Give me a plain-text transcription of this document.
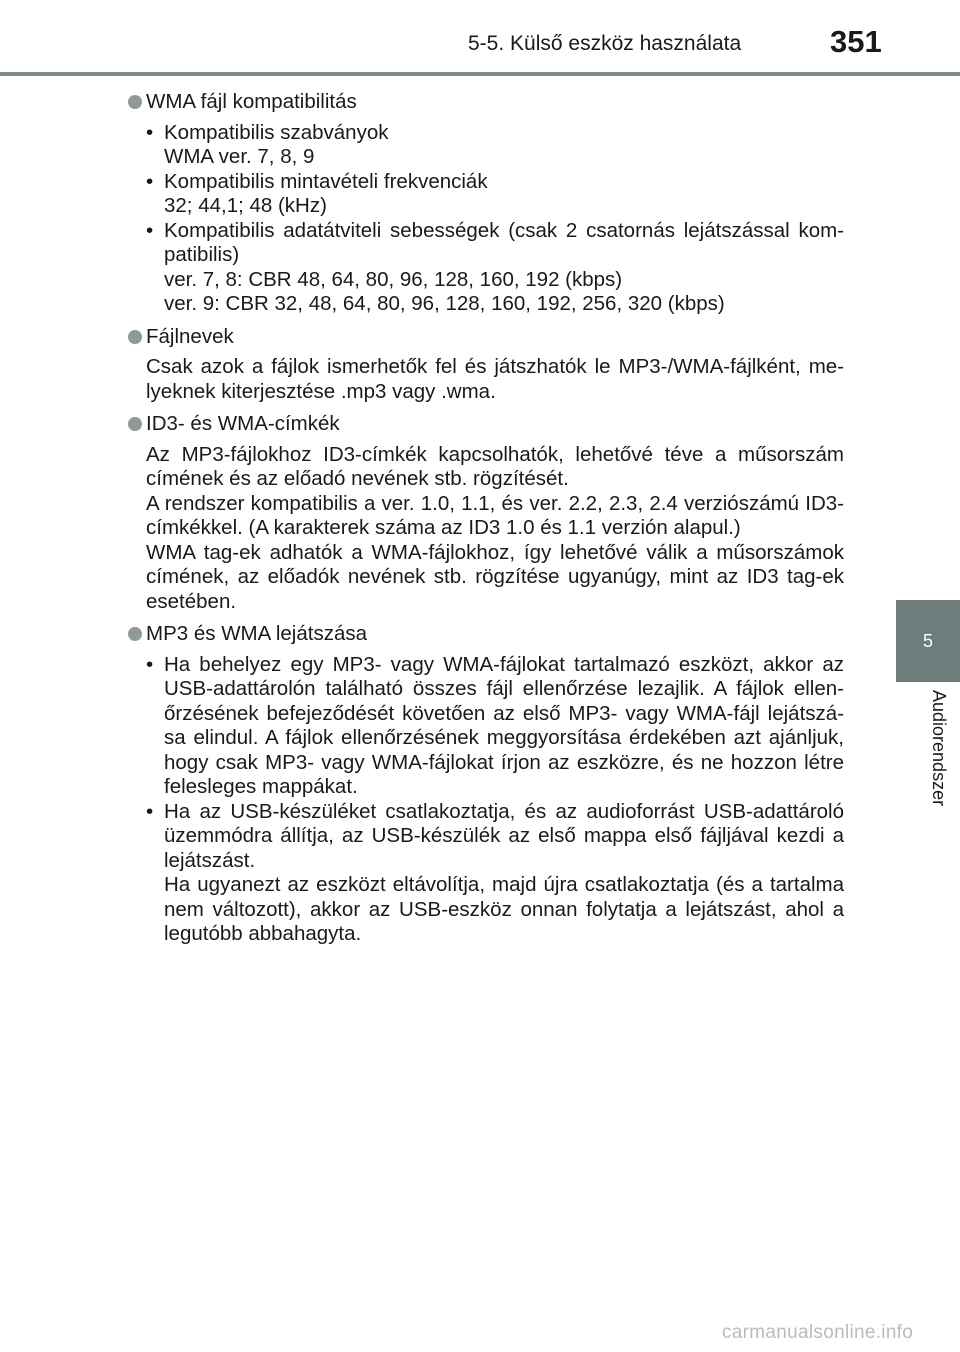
5-5. Külső eszköz használata	351
5
Audiorendszer
WMA fájl kompatibilitás
• Kompatibilis szabványok
WMA ver. 7, 8, 9
• Kompatibilis mintavételi frekvenciák
32; 44,1; 48 (kHz)
• Kompatibilis adatátviteli sebességek (csak 2 csatornás lejátszással kom-patibilis)
ver. 7, 8: CBR 48, 64, 80, 96, 128, 160, 192 (kbps)
ver. 9: CBR 32, 48, 64, 80, 96, 128, 160, 192, 256, 320 (kbps)
Fájlnevek
Csak azok a fájlok ismerhetők fel és játszhatók le MP3-/WMA-fájlként, me-lyeknek kiterjesztése .mp3 vagy .wma.
ID3- és WMA-címkék
Az MP3-fájlokhoz ID3-címkék kapcsolhatók, lehetővé téve a műsorszám címének és az előadó nevének stb. rögzítését.
A rendszer kompatibilis a ver. 1.0, 1.1, és ver. 2.2, 2.3, 2.4 verziószámú ID3-címkékkel. (A karakterek száma az ID3 1.0 és 1.1 verzión alapul.)
WMA tag-ek adhatók a WMA-fájlokhoz, így lehetővé válik a műsorszámok címének, az előadók nevének stb. rögzítése ugyanúgy, mint az ID3 tag-ek esetében.
MP3 és WMA lejátszása
• Ha behelyez egy MP3- vagy WMA-fájlokat tartalmazó eszközt, akkor az USB-adattárolón található összes fájl ellenőrzése lezajlik. A fájlok ellen-őrzésének befejeződését követően az első MP3- vagy WMA-fájl lejátszá-sa elindul. A fájlok ellenőrzésének meggyorsítása érdekében azt ajánljuk, hogy csak MP3- vagy WMA-fájlokat írjon az eszközre, és ne hozzon létre felesleges mappákat.
• Ha az USB-készüléket csatlakoztatja, és az audioforrást USB-adattároló üzemmódra állítja, az USB-készülék az első mappa első fájljával kezdi a lejátszást.
Ha ugyanezt az eszközt eltávolítja, majd újra csatlakoztatja (és a tartalma nem változott), akkor az USB-eszköz onnan folytatja a lejátszást, ahol a legutóbb abbahagyta.
carmanualsonline.info
